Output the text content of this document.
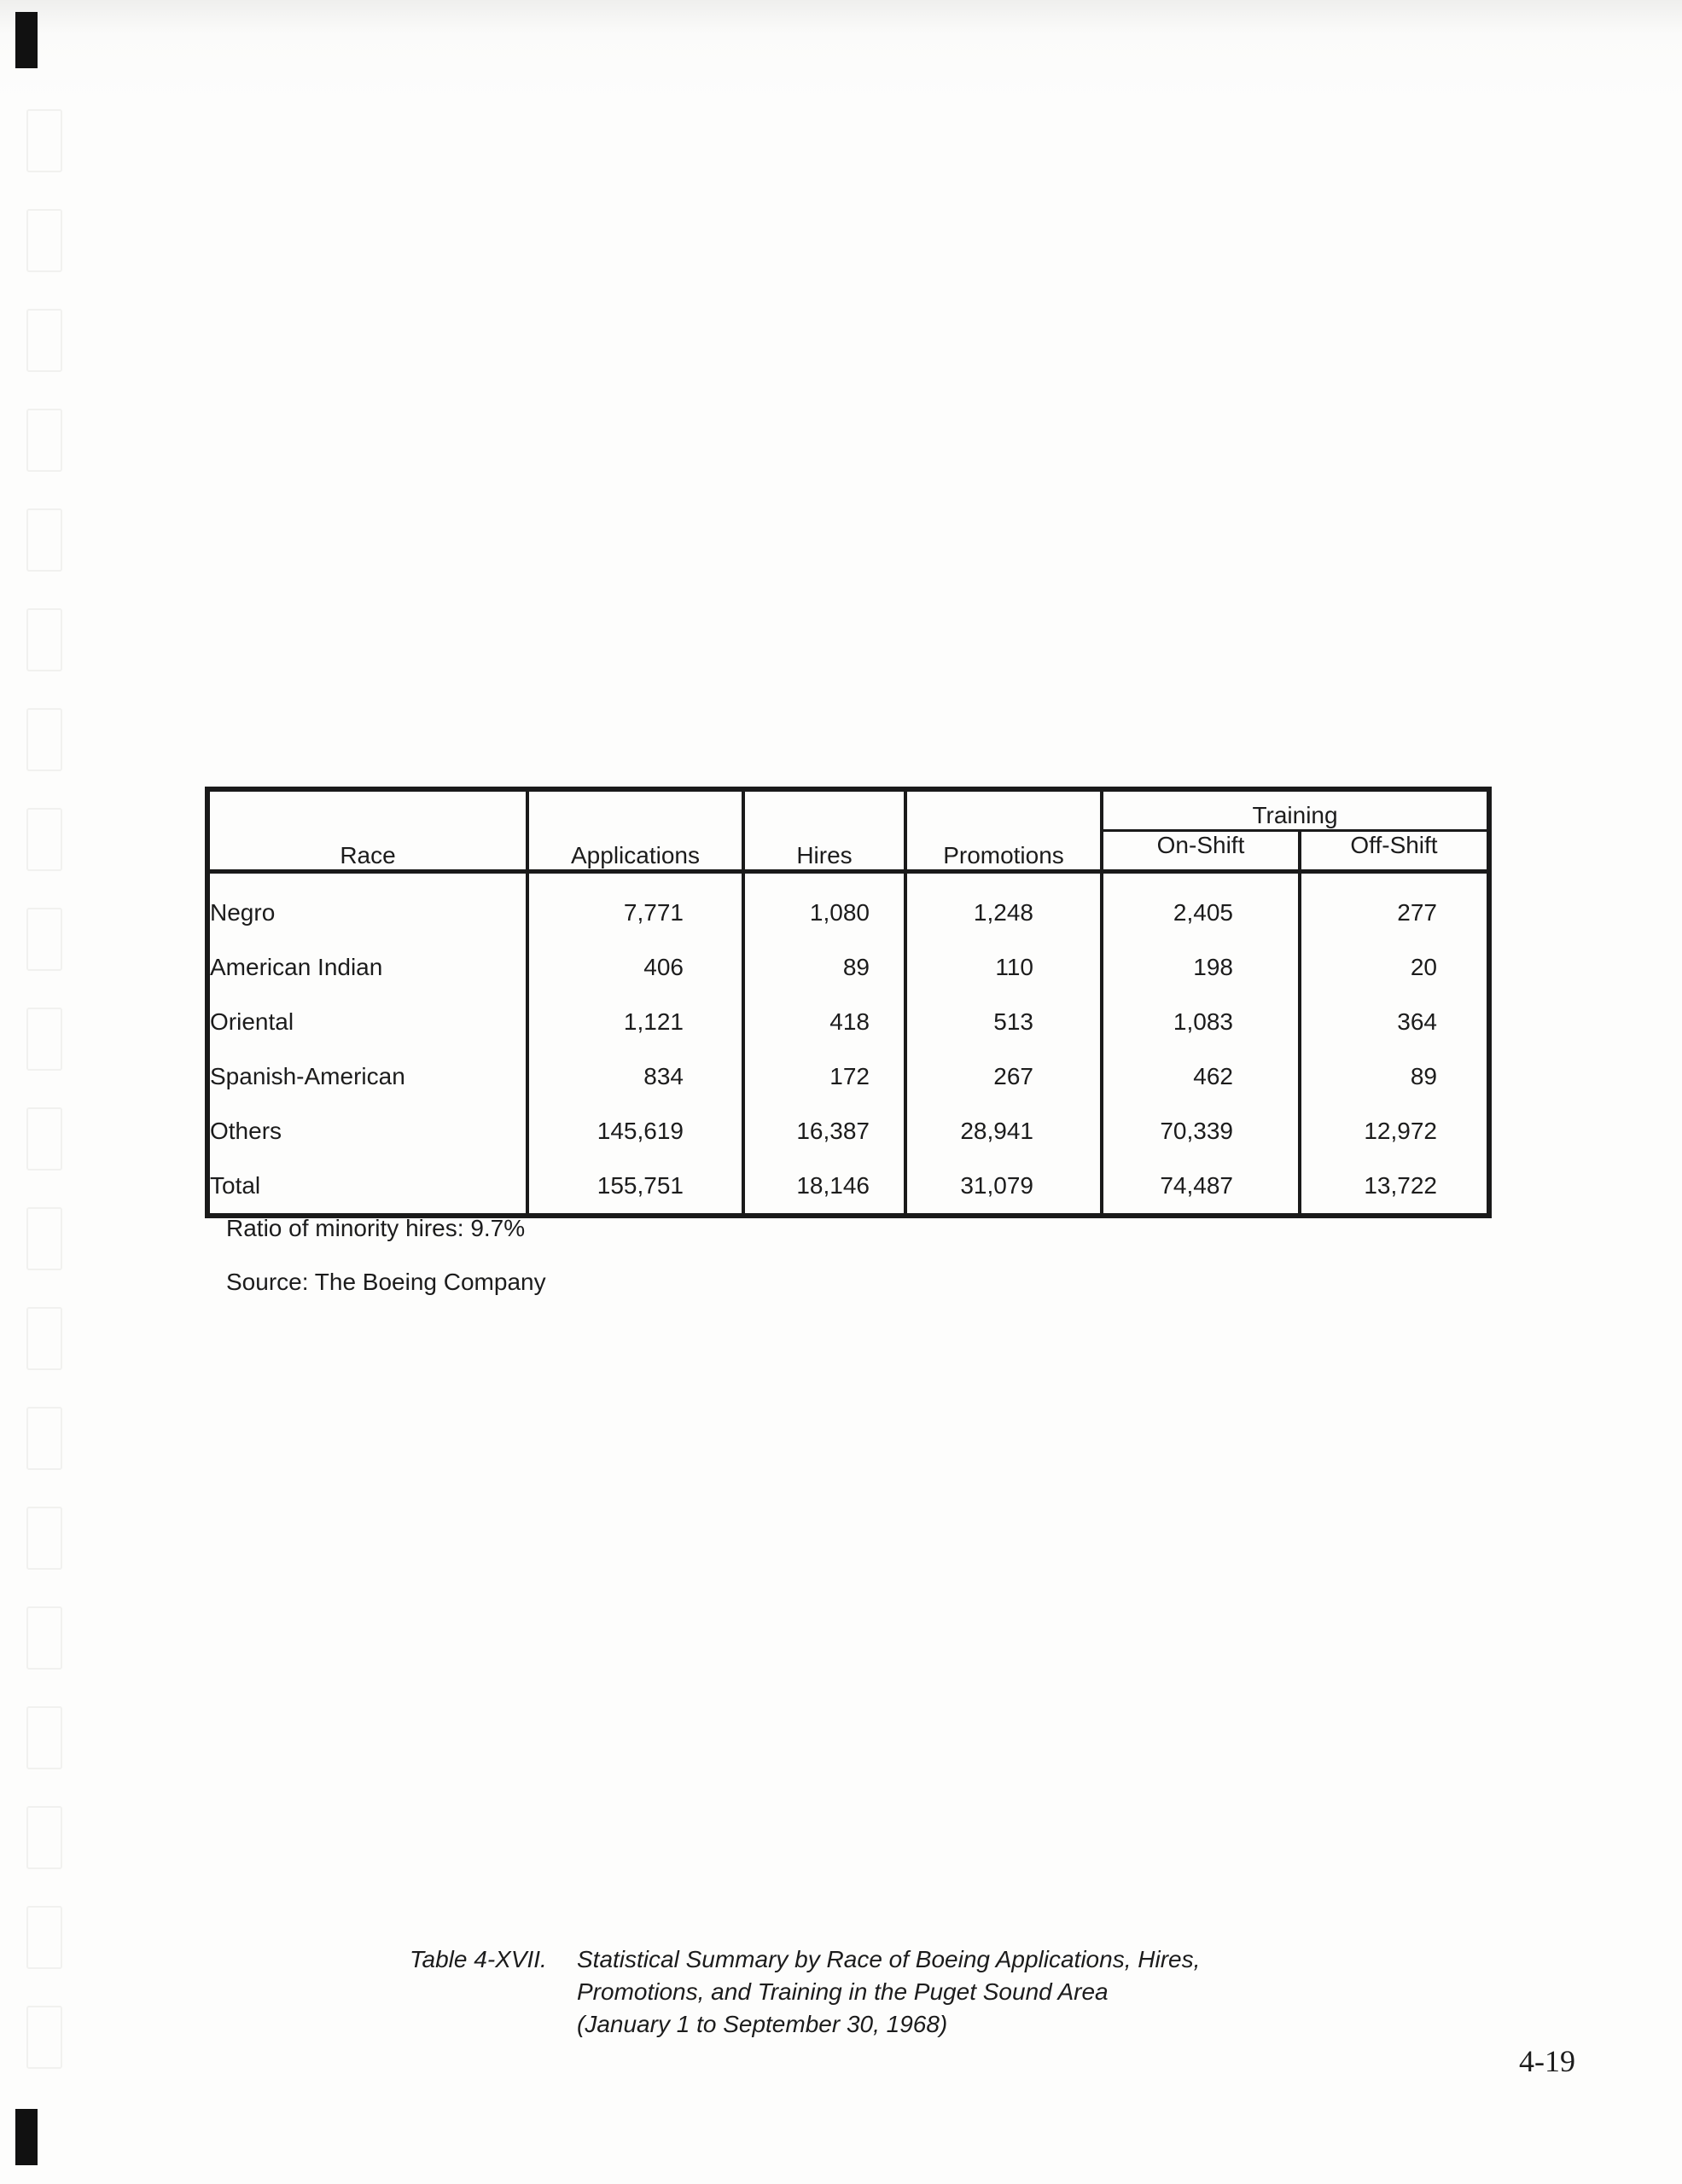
Race	Applications	Hires	Promotions	Training	
				On-Shift	Off-Shift
Negro	7,771	1,080	1,248	2,405	277
American Indian	406	89	110	198	20
Oriental	1,121	418	513	1,083	364
Spanish-American	834	172	267	462	89
Others	145,619	16,387	28,941	70,339	12,972
Total	155,751	18,146	31,079	74,487	13,722
Ratio of minority hires: 9.7%
Source: The Boeing Company
Table 4-XVII. Statistical Summary by Race of Boeing Applications, Hires,
Promotions, and Training in the Puget Sound Area
(January 1 to September 30, 1968)
4-19
